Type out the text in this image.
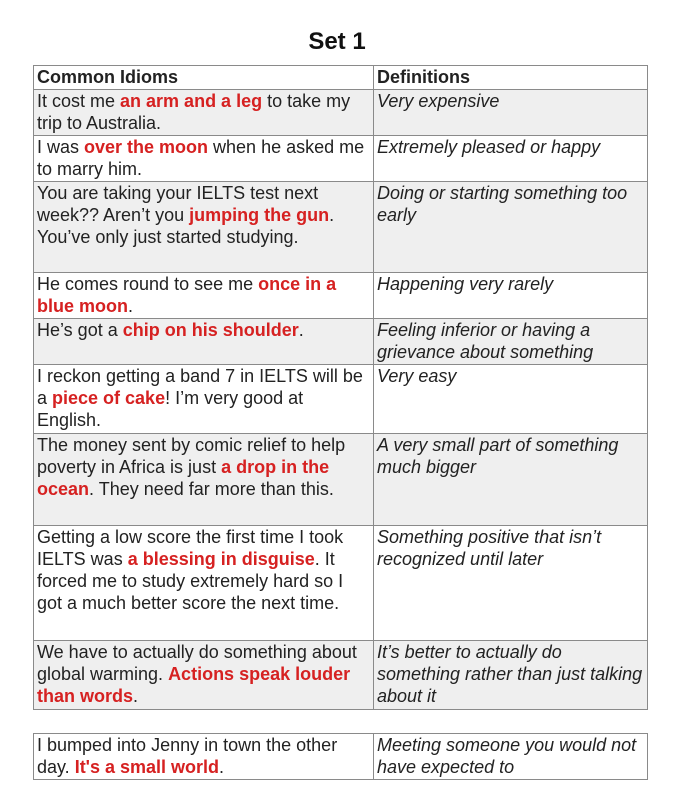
Set 1
Common Idioms	Definitions
It cost me an arm and a leg to take my trip to Australia.	Very expensive
I was over the moon when he asked me to marry him.	Extremely pleased or happy
You are taking your IELTS test next week?? Aren’t you jumping the gun. You’ve only just started studying.	Doing or starting something too early
He comes round to see me once in a blue moon.	Happening very rarely
He’s got a chip on his shoulder.	Feeling inferior or having a grievance about something
I reckon getting a band 7 in IELTS will be a piece of cake! I’m very good at English.	Very easy
The money sent by comic relief to help poverty in Africa is just a drop in the ocean. They need far more than this.	A very small part of something much bigger
Getting a low score the first time I took IELTS was a blessing in disguise. It forced me to study extremely hard so I got a much better score the next time.	Something positive that isn’t recognized until later
We have to actually do something about global warming. Actions speak louder than words.	It’s better to actually do something rather than just talking about it
I bumped into Jenny in town the other day. It's a small world.	Meeting someone you would not have expected to
